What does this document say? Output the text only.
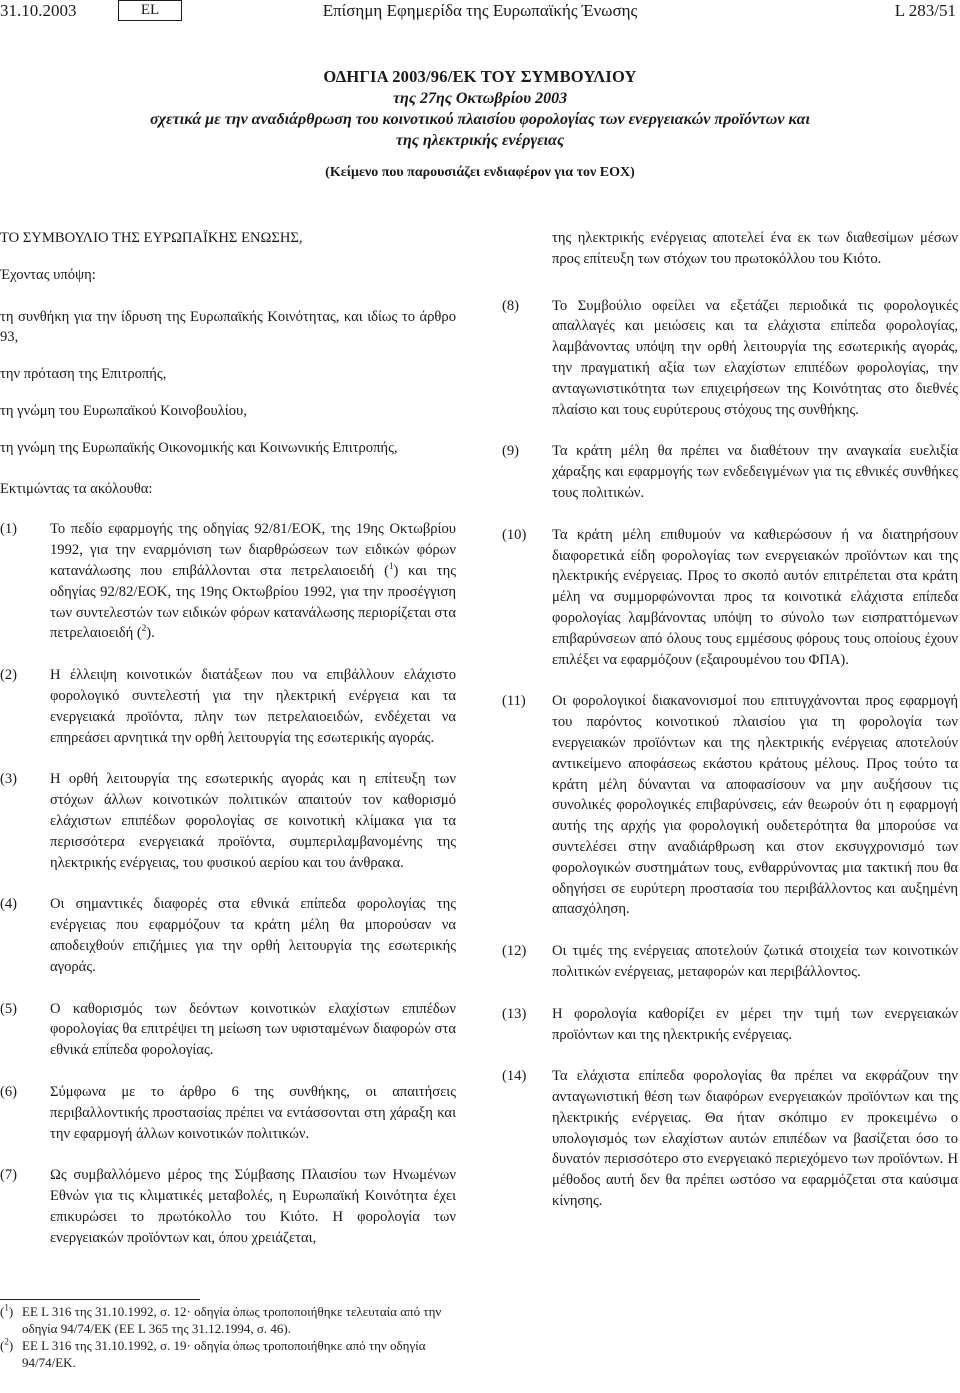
Επίσημη Εφημερίδα της Ευρωπαϊκής Ένωσης
31.10.2003	EL	L 283/51
ΟΔΗΓΙΑ 2003/96/ΕΚ ΤΟΥ ΣΥΜΒΟΥΛΙΟΥ
της 27ης Οκτωβρίου 2003
σχετικά με την αναδιάρθρωση του κοινοτικού πλαισίου φορολογίας των ενεργειακών προϊόντων και της ηλεκτρικής ενέργειας
(Κείμενο που παρουσιάζει ενδιαφέρον για τον ΕΟΧ)

ΤΟ ΣΥΜΒΟΥΛΙΟ ΤΗΣ ΕΥΡΩΠΑΪΚΗΣ ΕΝΩΣΗΣ,

Έχοντας υπόψη:

τη συνθήκη για την ίδρυση της Ευρωπαϊκής Κοινότητας, και ιδίως το άρθρο 93,

την πρόταση της Επιτροπής,

τη γνώμη του Ευρωπαϊκού Κοινοβουλίου,

τη γνώμη της Ευρωπαϊκής Οικονομικής και Κοινωνικής Επιτροπής,

Εκτιμώντας τα ακόλουθα:

(1)	Το πεδίο εφαρμογής της οδηγίας 92/81/ΕΟΚ, της 19ης Οκτωβρίου 1992, για την εναρμόνιση των διαρθρώσεων των ειδικών φόρων κατανάλωσης που επιβάλλονται στα πετρελαιοειδή ($^1$) και της οδηγίας 92/82/ΕΟΚ, της 19ης Οκτωβρίου 1992, για την προσέγγιση των συντελεστών των ειδικών φόρων κατανάλωσης περιορίζεται στα πετρελαιοειδή ($^2$).
(2)	Η έλλειψη κοινοτικών διατάξεων που να επιβάλλουν ελάχιστο φορολογικό συντελεστή για την ηλεκτρική ενέργεια και τα ενεργειακά προϊόντα, πλην των πετρελαιοειδών, ενδέχεται να επηρεάσει αρνητικά την ορθή λειτουργία της εσωτερικής αγοράς.
(3)	Η ορθή λειτουργία της εσωτερικής αγοράς και η επίτευξη των στόχων άλλων κοινοτικών πολιτικών απαιτούν τον καθορισμό ελάχιστων επιπέδων φορολογίας σε κοινοτική κλίμακα για τα περισσότερα ενεργειακά προϊόντα, συμπεριλαμβανομένης της ηλεκτρικής ενέργειας, του φυσικού αερίου και του άνθρακα.
(4)	Οι σημαντικές διαφορές στα εθνικά επίπεδα φορολογίας της ενέργειας που εφαρμόζουν τα κράτη μέλη θα μπορούσαν να αποδειχθούν επιζήμιες για την ορθή λειτουργία της εσωτερικής αγοράς.
(5)	Ο καθορισμός των δεόντων κοινοτικών ελαχίστων επιπέδων φορολογίας θα επιτρέψει τη μείωση των υφισταμένων διαφορών στα εθνικά επίπεδα φορολογίας.
(6)	Σύμφωνα με το άρθρο 6 της συνθήκης, οι απαιτήσεις περιβαλλοντικής προστασίας πρέπει να εντάσσονται στη χάραξη και την εφαρμογή άλλων κοινοτικών πολιτικών.
(7)	Ως συμβαλλόμενο μέρος της Σύμβασης Πλαισίου των Ηνωμένων Εθνών για τις κλιματικές μεταβολές, η Ευρωπαϊκή Κοινότητα έχει επικυρώσει το πρωτόκολλο του Κιότο. Η φορολογία των ενεργειακών προϊόντων και, όπου χρειάζεται,
της ηλεκτρικής ενέργειας αποτελεί ένα εκ των διαθεσίμων μέσων προς επίτευξη των στόχων του πρωτοκόλλου του Κιότο.
(8)	Το Συμβούλιο οφείλει να εξετάζει περιοδικά τις φορολογικές απαλλαγές και μειώσεις και τα ελάχιστα επίπεδα φορολογίας, λαμβάνοντας υπόψη την ορθή λειτουργία της εσωτερικής αγοράς, την πραγματική αξία των ελαχίστων επιπέδων φορολογίας, την ανταγωνιστικότητα των επιχειρήσεων της Κοινότητας στο διεθνές πλαίσιο και τους ευρύτερους στόχους της συνθήκης.
(9)	Τα κράτη μέλη θα πρέπει να διαθέτουν την αναγκαία ευελιξία χάραξης και εφαρμογής των ενδεδειγμένων για τις εθνικές συνθήκες τους πολιτικών.
(10)	Τα κράτη μέλη επιθυμούν να καθιερώσουν ή να διατηρήσουν διαφορετικά είδη φορολογίας των ενεργειακών προϊόντων και της ηλεκτρικής ενέργειας. Προς το σκοπό αυτόν επιτρέπεται στα κράτη μέλη να συμμορφώνονται προς τα κοινοτικά ελάχιστα επίπεδα φορολογίας λαμβάνοντας υπόψη το σύνολο των εισπραττόμενων επιβαρύνσεων από όλους τους εμμέσους φόρους τους οποίους έχουν επιλέξει να εφαρμόζουν (εξαιρουμένου του ΦΠΑ).
(11)	Οι φορολογικοί διακανονισμοί που επιτυγχάνονται προς εφαρμογή του παρόντος κοινοτικού πλαισίου για τη φορολογία των ενεργειακών προϊόντων και της ηλεκτρικής ενέργειας αποτελούν αντικείμενο αποφάσεως εκάστου κράτους μέλους. Προς τούτο τα κράτη μέλη δύνανται να αποφασίσουν να μην αυξήσουν τις συνολικές φορολογικές επιβαρύνσεις, εάν θεωρούν ότι η εφαρμογή αυτής της αρχής για φορολογική ουδετερότητα θα μπορούσε να συντελέσει στην αναδιάρθρωση και στον εκσυγχρονισμό των φορολογικών συστημάτων τους, ενθαρρύνοντας μια τακτική που θα οδηγήσει σε ευρύτερη προστασία του περιβάλλοντος και αυξημένη απασχόληση.
(12)	Οι τιμές της ενέργειας αποτελούν ζωτικά στοιχεία των κοινοτικών πολιτικών ενέργειας, μεταφορών και περιβάλλοντος.
(13)	Η φορολογία καθορίζει εν μέρει την τιμή των ενεργειακών προϊόντων και της ηλεκτρικής ενέργειας.
(14)	Τα ελάχιστα επίπεδα φορολογίας θα πρέπει να εκφράζουν την ανταγωνιστική θέση των διαφόρων ενεργειακών προϊόντων και της ηλεκτρικής ενέργειας. Θα ήταν σκόπιμο εν προκειμένω ο υπολογισμός των ελαχίστων αυτών επιπέδων να βασίζεται όσο το δυνατόν περισσότερο στο ενεργειακό περιεχόμενο των προϊόντων. Η μέθοδος αυτή δεν θα πρέπει ωστόσο να εφαρμόζεται στα καύσιμα κίνησης.
($^1$) ΕΕ L 316 της 31.10.1992, σ. 12· οδηγία όπως τροποποιήθηκε τελευταία από την οδηγία 94/74/ΕΚ (ΕΕ L 365 της 31.12.1994, σ. 46).
($^2$) ΕΕ L 316 της 31.10.1992, σ. 19· οδηγία όπως τροποποιήθηκε από την οδηγία 94/74/ΕΚ.
